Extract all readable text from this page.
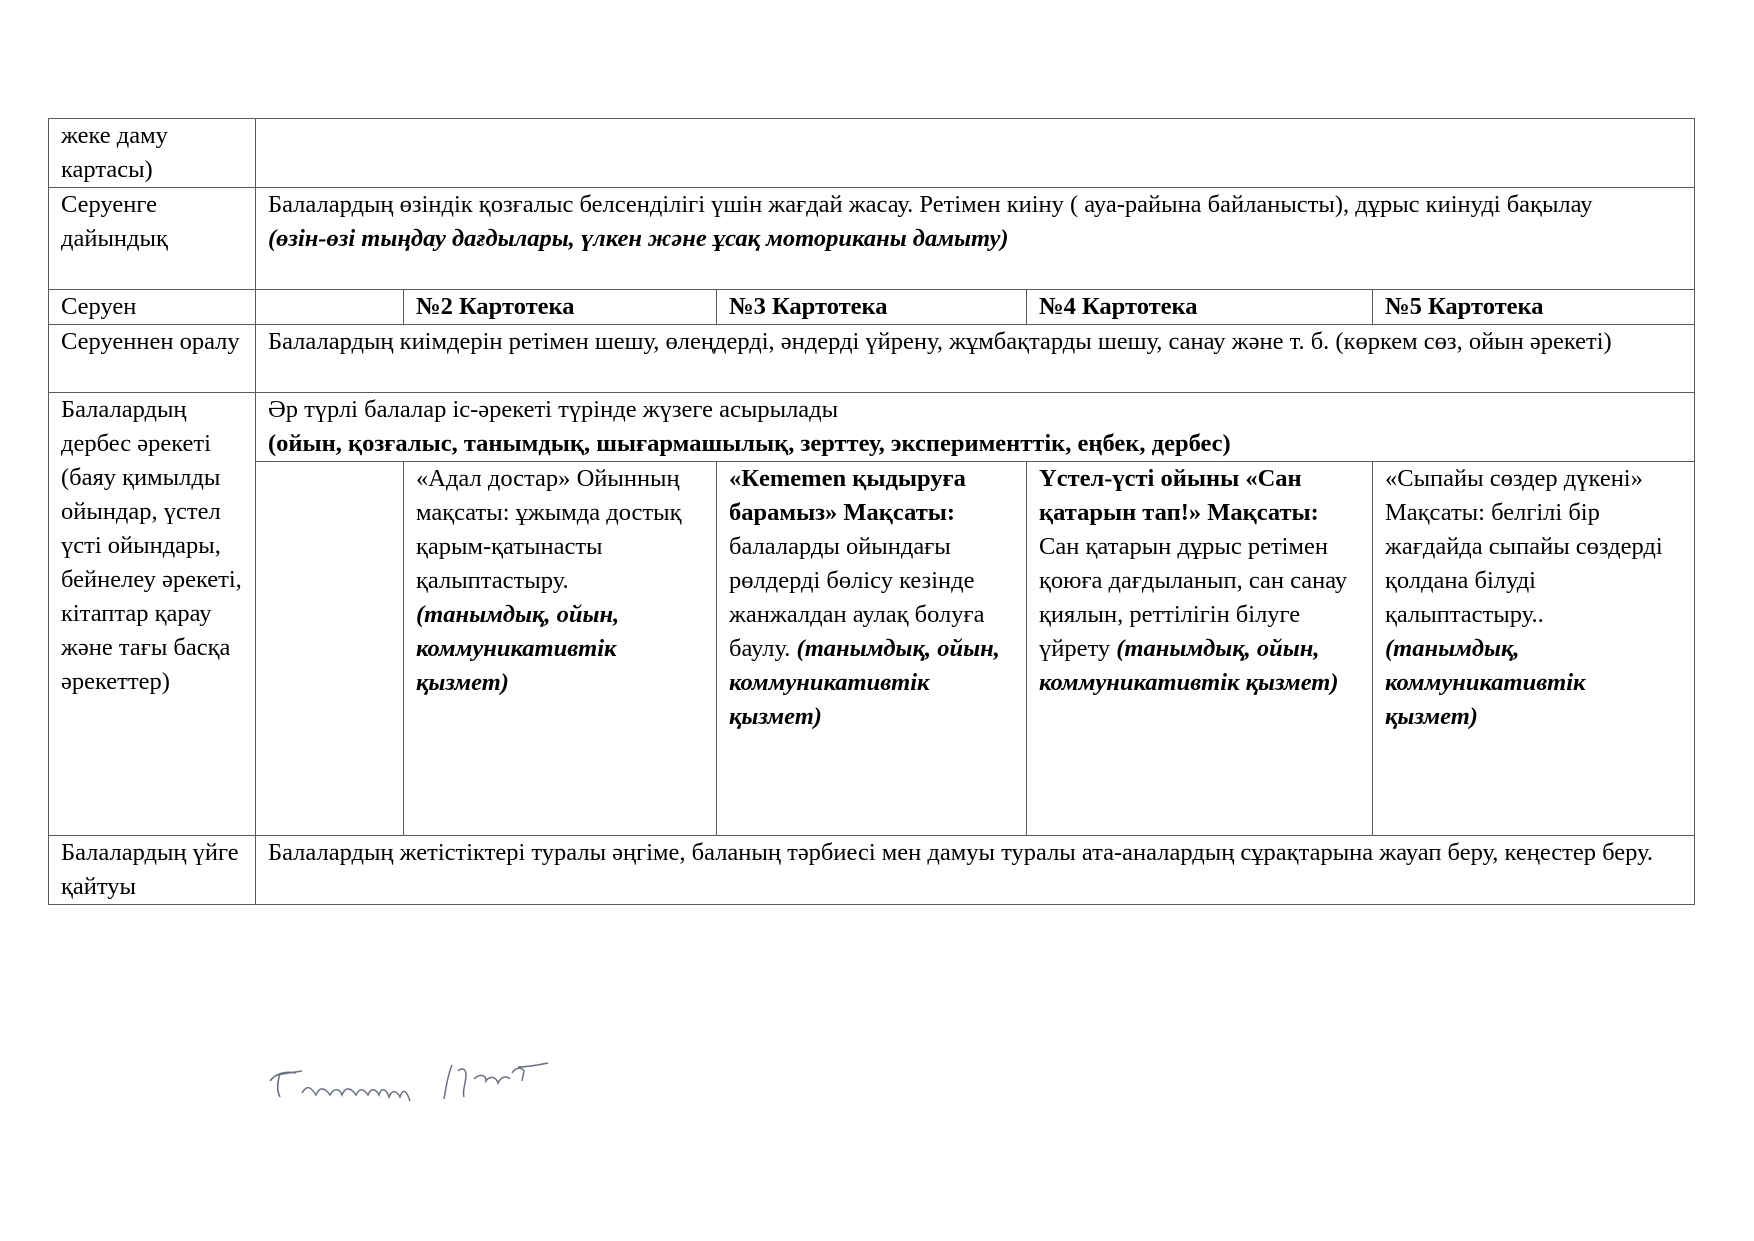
жеке даму картасы)					
Серуенге дайындық	Балалардың өзіндік қозғалыс белсенділігі үшін жағдай жасау. Ретімен киіну ( ауа-райына байланысты), дұрыс киінуді бақылау
(өзін-өзі тыңдау дағдылары, үлкен және ұсақ моториканы дамыту)				

Серуен		№2 Картотека	№3 Картотека	№4 Картотека	№5 Картотека
Серуеннен оралу	Балалардың киімдерін ретімен шешу, өлеңдерді, әндерді үйрену, жұмбақтарды шешу, санау және т. б. (көркем сөз, ойын әрекеті)				
Балалардың дербес әрекеті (баяу қимылды ойындар, үстел үсті ойындары, бейнелеу әрекеті, кітаптар қарау және тағы басқа әрекеттер)	Әр түрлі балалар іс-әрекеті түрінде жүзеге асырылады
(ойын, қозғалыс, танымдық, шығармашылық, зерттеу, эксперименттік, еңбек, дербес)				

		«Адал достар» Ойынның мақсаты: ұжымда достық қарым-қатынасты қалыптастыру. (танымдық, ойын, коммуникативтік қызмет)	«Кememen қыдыруға барамыз» Мақсаты: балаларды ойындағы рөлдерді бөлісу кезінде жанжалдан аулақ болуға баулу. (танымдық, ойын, коммуникативтік қызмет)	Үстел-үсті ойыны «Сан қатарын тап!» Мақсаты: Сан қатарын дұрыс ретімен қоюға дағдыланып, сан санау қиялын, реттілігін білуге үйрету (танымдық, ойын, коммуникативтік қызмет)	«Сыпайы сөздер дүкені» Мақсаты: белгілі бір жағдайда сыпайы сөздерді қолдана білуді қалыптастыру.. (танымдық, коммуникативтік қызмет)
Балалардың үйге қайтуы	Балалардың жетістіктері туралы әңгіме, баланың тәрбиесі мен дамуы туралы ата-аналардың сұрақтарына жауап беру, кеңестер беру.				
